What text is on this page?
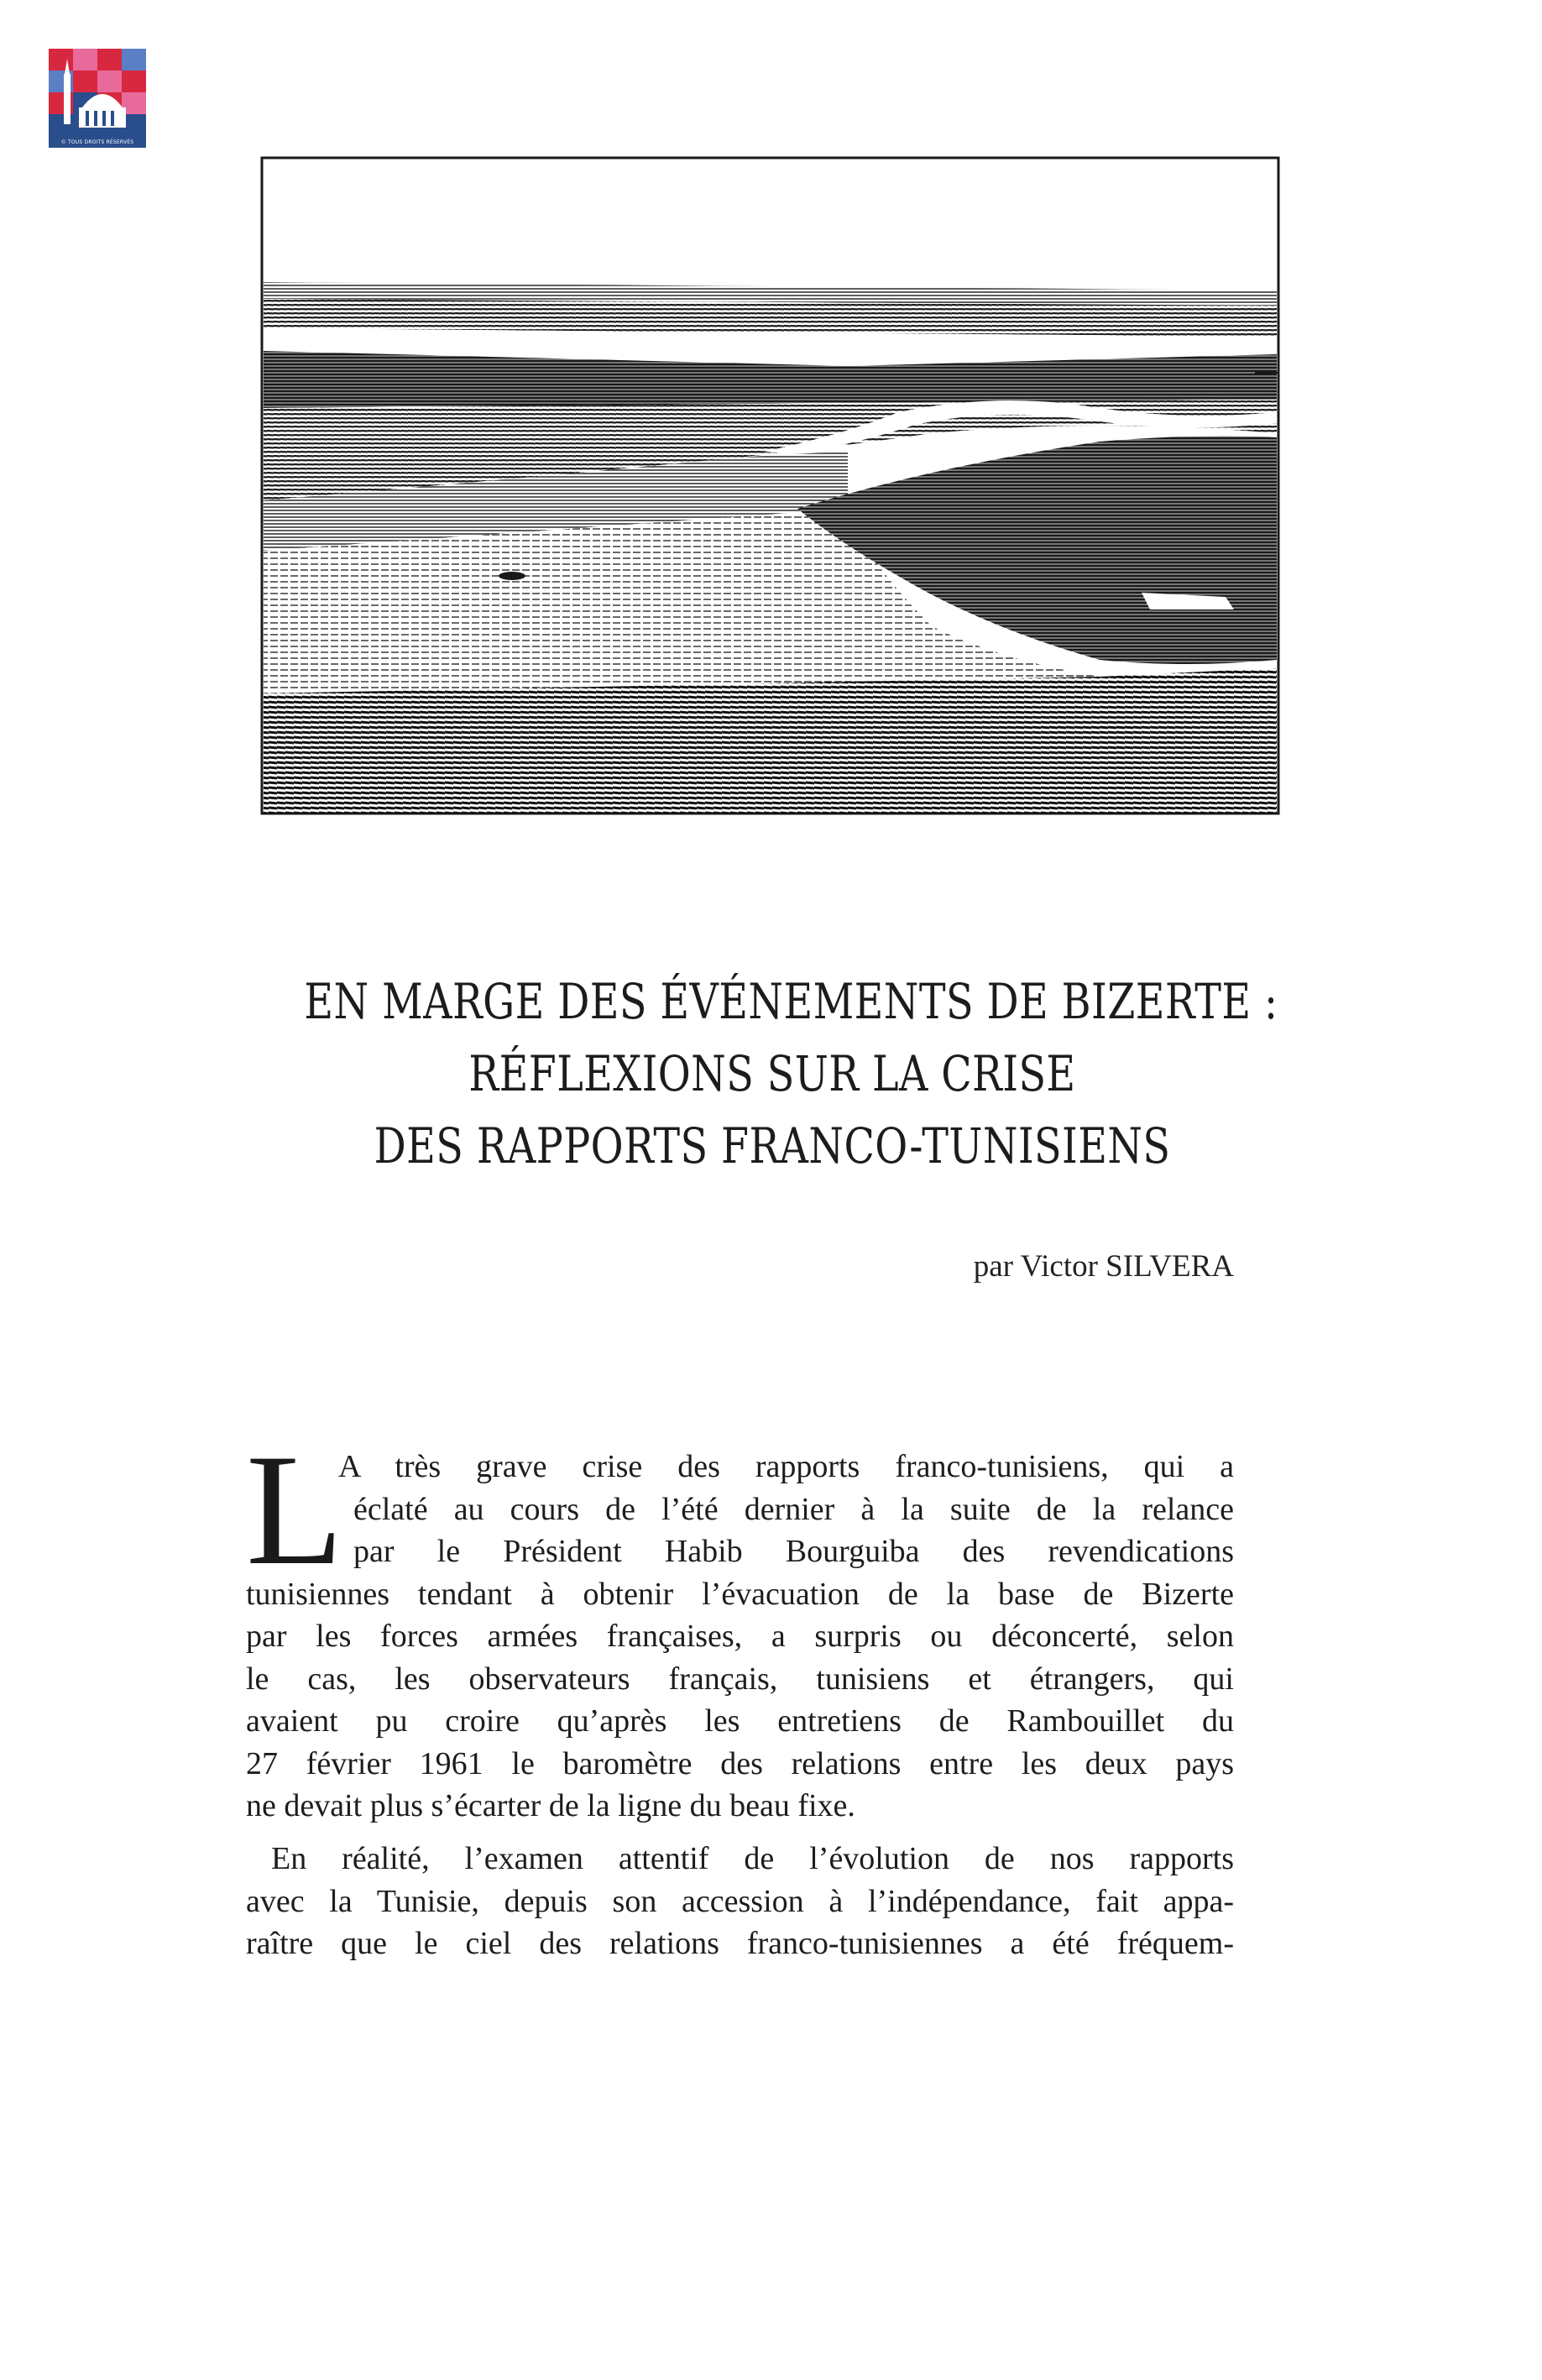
© TOUS DROITS RÉSERVÉS
EN MARGE DES ÉVÉNEMENTS DE BIZERTE :
RÉFLEXIONS SUR LA CRISE
DES RAPPORTS FRANCO-TUNISIENS
par Victor SILVERA
L
A très grave crise des rapports franco-tunisiens, qui a
éclaté au cours de l’été dernier à la suite de la relance
par le Président Habib Bourguiba des revendications
tunisiennes tendant à obtenir l’évacuation de la base de Bizerte
par les forces armées françaises, a surpris ou déconcerté, selon
le cas, les observateurs français, tunisiens et étrangers, qui
avaient pu croire qu’après les entretiens de Rambouillet du
27 février 1961 le baromètre des relations entre les deux pays
ne devait plus s’écarter de la ligne du beau fixe.
En réalité, l’examen attentif de l’évolution de nos rapports
avec la Tunisie, depuis son accession à l’indépendance, fait appa-
raître que le ciel des relations franco-tunisiennes a été fréquem-
